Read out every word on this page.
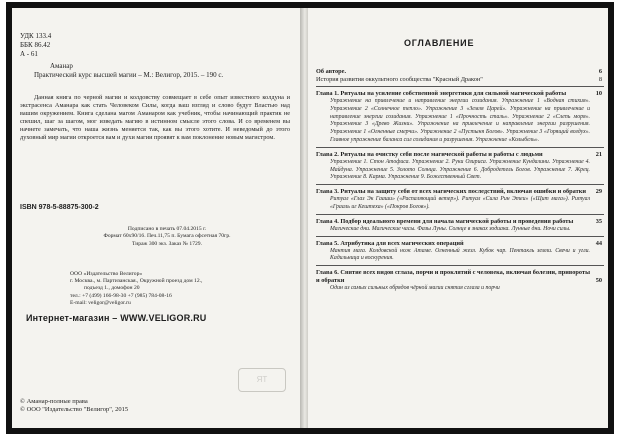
УДК 133.4
ББК 86.42
А - 61
Аманар
Практический курс высшей магии – М.: Велигор, 2015. – 190 с.
Данная книга по черной магии и колдовству совмещает в себе опыт известного колдуна и экстрасенса Аманара как стать Человеком Силы, когда ваш взгляд и слово будут Властью над вашим окружением. Книга сделана магом Аманаром как учебник, чтобы начинающий практик не спешил, шаг за шагом, мог изведать магию в истинном смысле этого слова. И со временем вы начнете замечать, что наша жизнь меняется так, как вы этого хотите. И неведомый до этого духовный мир магии откроется вам и духи магии проявят к вам поклонение новым магистром.
ISBN 978-5-88875-300-2
Подписано в печать 07.04.2015 г.
Формат 60х90/16. Печ.11,75 п. Бумага офсетная 70гр.
Тираж 300 экз. Заказ № 1729.
ООО «Издательство Велигор»
г. Москва., м. Партизанская., Окружной проезд дом 12.,
подъезд 1., домофон 20
тел.: +7 (499) 166-98-30 +7 (985) 784-08-16
E-mail: veligor@veligor.ru
Интернет-магазин – WWW.VELIGOR.RU
ЯТ
© Аманар-полные права
© ООО "Издательство "Велигор", 2015
ОГЛАВЛЕНИЕ
Об авторе.	6
История развития оккультного сообщества "Красный Дракон"	8
Глава 1. Ритуалы на усиление собственной энергетики для сильной магической работы	10
Упражнение на привлечение и направление энергии созидания. Упражнение 1 «Водная стихия». Упражнение 2 «Солнечное тепло». Упражнение 3 «Земля Царей». Упражнение на привлечение и направление энергии созидания. Упражнение 1 «Прочность сталь». Упражнение 2 «Слепь моря». Упражнение 3 «Древо Жизни». Упражнение на привлечение и направление энергии разрушения. Упражнение 1 «Огненные смерчи». Упражнение 2 «Пустыня Богов». Упражнение 3 «Горящий воздух». Главное упражнение баланса сил созидания и разрушения. Упражнение «Колыбель».
Глава 2. Ритуалы на очистку себя после магической работы и работы с людьми	21
Упражнение 1. Стон Атофиса. Упражнение 2. Руки Озириса. Упражнение Кундалини. Упражнение 4. Майдуна. Упражнение 5. Золото Солнца. Упражнение 6. Добродетель Богов. Упражнение 7. Жрец. Упражнение 8. Карма. Упражнение 9. Божественный Свет.
Глава 3. Ритуалы на защиту себя от всех магических последствий, включая ошибки и обратки 29
Ритуал «Глаз Эк Гааши» («Распаляющий ветер»). Ритуал «Сила Рин Этеи» («Щит мага»). Ритуал «Грааль иг Кештеха» («Покров Богов»).
Глава 4. Подбор идеального времени для начала магической работы и проведения работы	35
Магические дни. Магические часы. Фазы Луны. Солнце в знаках зодиака. Лунные дни. Ночи силы.
Глава 5. Атрибутика для всех магических операций	44
Мантия мага. Колдовской нож Атаме. Огненный жезл. Кубок чар. Пентакль земли. Свечи и угли. Кадильница и воскурения.
Глава 6. Снятие всех видов сглаза, порчи и проклятий с человека, включая болезни, привороты и обратки	50
Один из самых сильных обрядов чёрной магии снятия сглаза и порчи
